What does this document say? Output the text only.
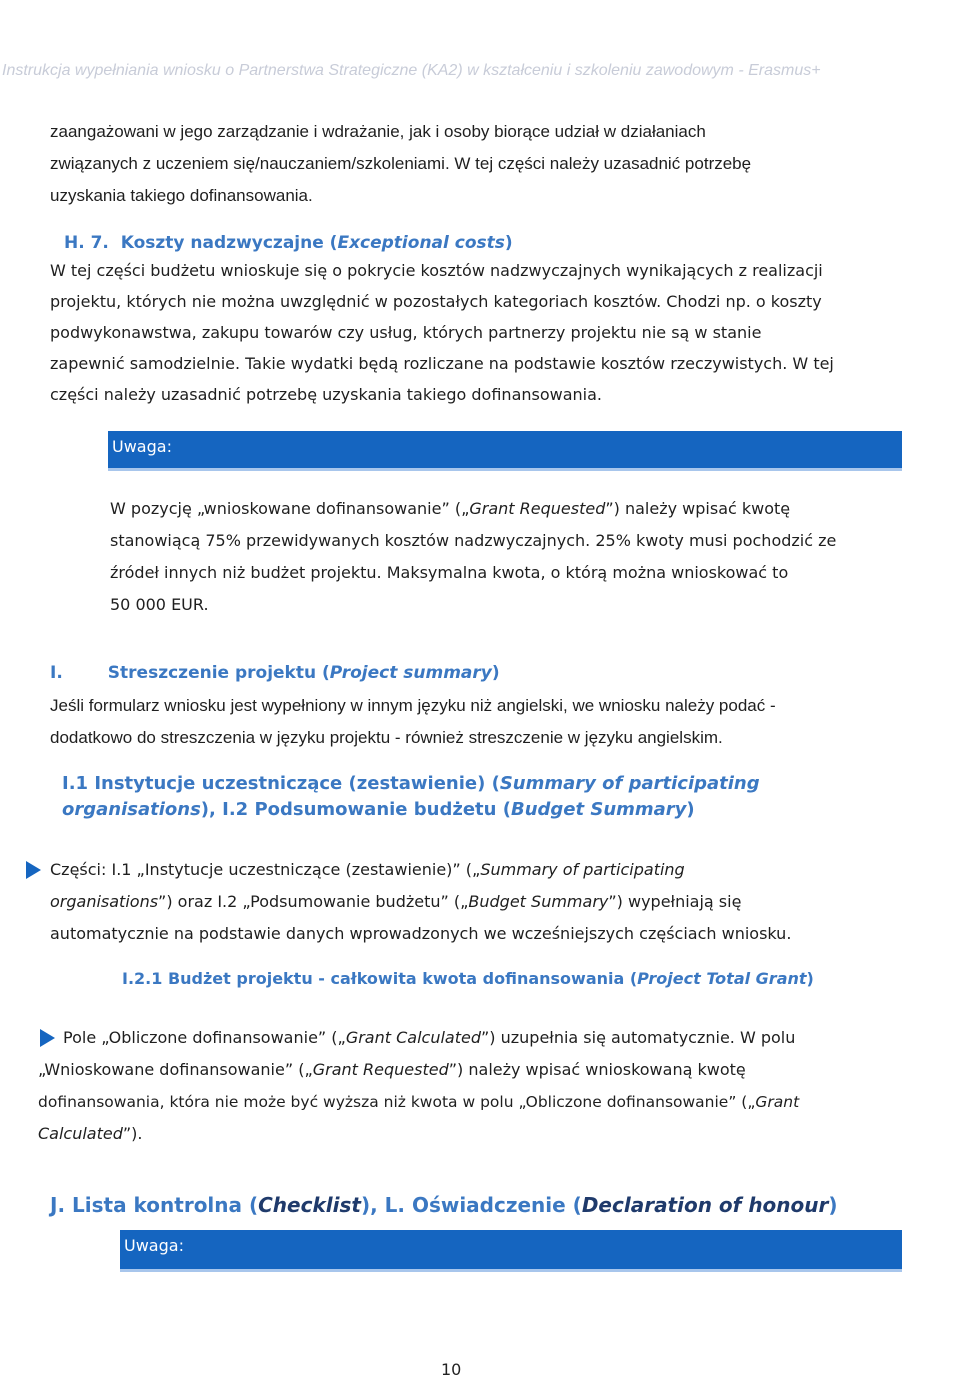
Instrukcja wypełniania wniosku o Partnerstwa Strategiczne (KA2) w kształceniu i szkoleniu zawodowym - Erasmus+
zaangażowani w jego zarządzanie i wdrażanie, jak i osoby biorące udział w działaniach
związanych z uczeniem się/nauczaniem/szkoleniami. W tej części należy uzasadnić potrzebę
uzyskania takiego dofinansowania.
H. 7. Koszty nadzwyczajne (Exceptional costs)
W tej części budżetu wnioskuje się o pokrycie kosztów nadzwyczajnych wynikających z realizacji
projektu, których nie można uwzględnić w pozostałych kategoriach kosztów. Chodzi np. o koszty
podwykonawstwa, zakupu towarów czy usług, których partnerzy projektu nie są w stanie
zapewnić samodzielnie. Takie wydatki będą rozliczane na podstawie kosztów rzeczywistych. W tej
części należy uzasadnić potrzebę uzyskania takiego dofinansowania.
Uwaga:
W pozycję „wnioskowane dofinansowanie” („Grant Requested”) należy wpisać kwotę
stanowiącą 75% przewidywanych kosztów nadzwyczajnych. 25% kwoty musi pochodzić ze
źródeł innych niż budżet projektu. Maksymalna kwota, o którą można wnioskować to
50 000 EUR.
I.	Streszczenie projektu (Project summary)
Jeśli formularz wniosku jest wypełniony w innym języku niż angielski, we wniosku należy podać -
dodatkowo do streszczenia w języku projektu - również streszczenie w języku angielskim.
I.1 Instytucje uczestniczące (zestawienie) (Summary of participating
organisations), I.2 Podsumowanie budżetu (Budget Summary)
Części: I.1 „Instytucje uczestniczące (zestawienie)” („Summary of participating
organisations”) oraz I.2 „Podsumowanie budżetu” („Budget Summary”) wypełniają się
automatycznie na podstawie danych wprowadzonych we wcześniejszych częściach wniosku.
I.2.1 Budżet projektu - całkowita kwota dofinansowania (Project Total Grant)
Pole „Obliczone dofinansowanie” („Grant Calculated”) uzupełnia się automatycznie. W polu
„Wnioskowane dofinansowanie” („Grant Requested”) należy wpisać wnioskowaną kwotę
dofinansowania, która nie może być wyższa niż kwota w polu „Obliczone dofinansowanie” („Grant
Calculated”).
J. Lista kontrolna (Checklist), L. Oświadczenie (Declaration of honour)
Uwaga:
10
